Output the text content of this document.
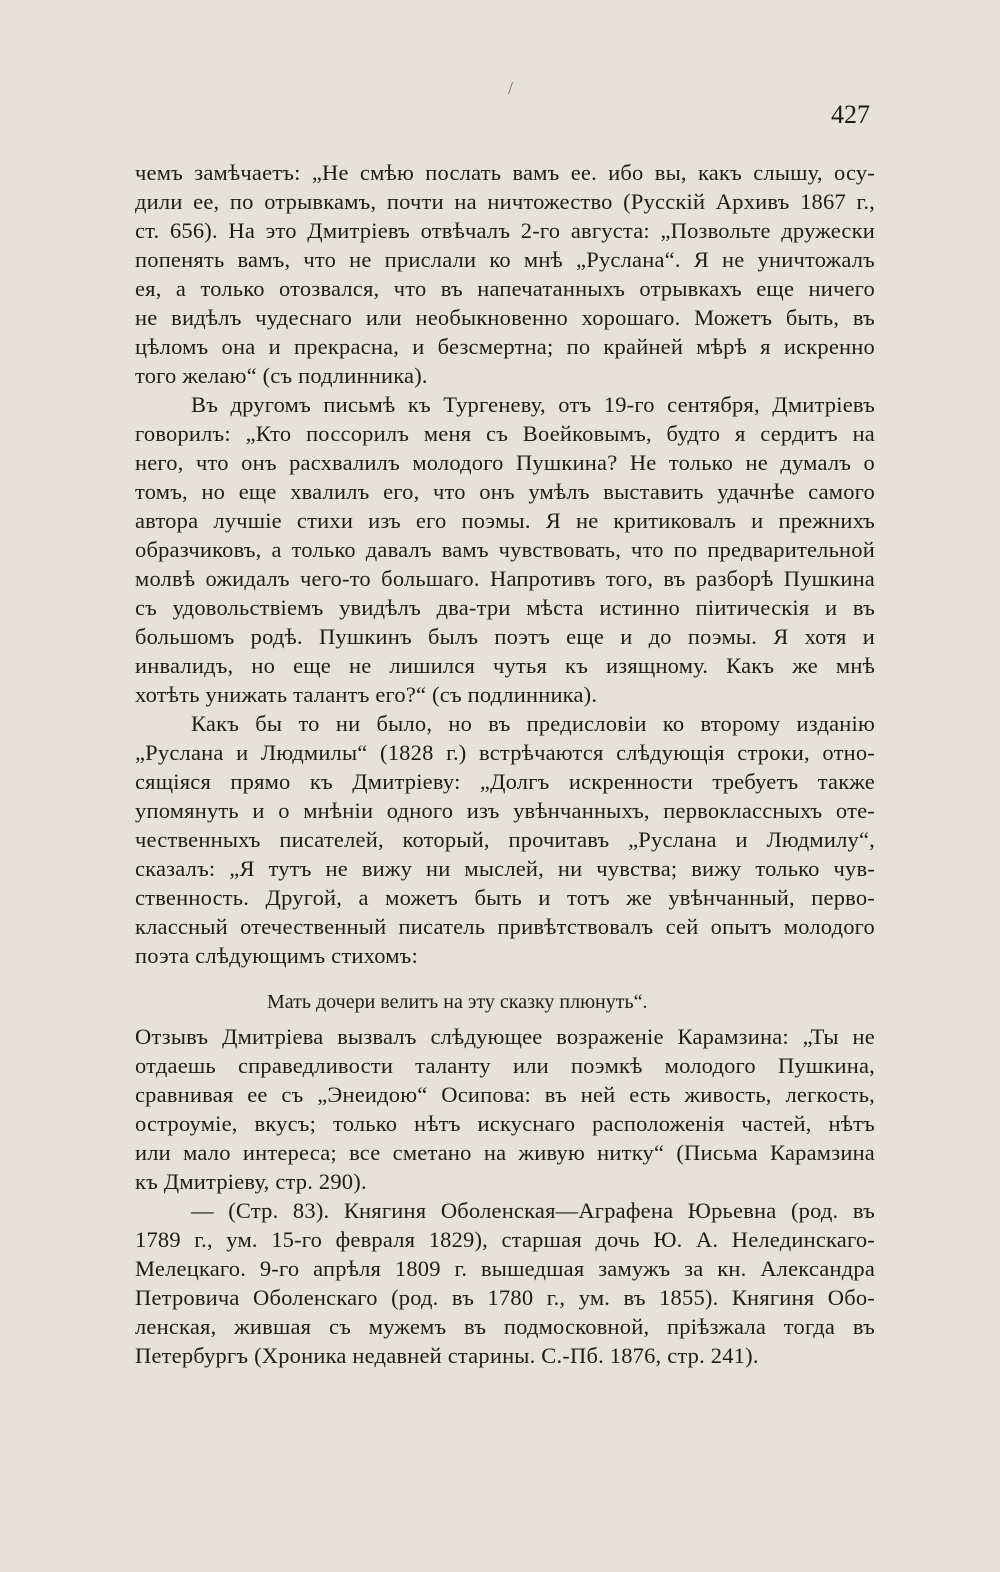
/
427

чемъ замѣчаетъ: „Не смѣю послать вамъ ее. ибо вы, какъ слышу, осу-

дили ее, по отрывкамъ, почти на ничтожество (Русскій Архивъ 1867 г.,

ст. 656). На это Дмитріевъ отвѣчалъ 2-го августа: „Позвольте дружески

попенять вамъ, что не прислали ко мнѣ „Руслана“. Я не уничтожалъ

ея, а только отозвался, что въ напечатанныхъ отрывкахъ еще ничего

не видѣлъ чудеснаго или необыкновенно хорошаго. Можетъ быть, въ

цѣломъ она и прекрасна, и безсмертна; по крайней мѣрѣ я искренно

того желаю“ (съ подлинника).

Въ другомъ письмѣ къ Тургеневу, отъ 19-го сентября, Дмитріевъ

говорилъ: „Кто поссорилъ меня съ Воейковымъ, будто я сердитъ на

него, что онъ расхвалилъ молодого Пушкина? Не только не думалъ о

томъ, но еще хвалилъ его, что онъ умѣлъ выставить удачнѣе самого

автора лучшіе стихи изъ его поэмы. Я не критиковалъ и прежнихъ

образчиковъ, а только давалъ вамъ чувствовать, что по предварительной

молвѣ ожидалъ чего-то большаго. Напротивъ того, въ разборѣ Пушкина

съ удовольствіемъ увидѣлъ два-три мѣста истинно піитическія и въ

большомъ родѣ. Пушкинъ былъ поэтъ еще и до поэмы. Я хотя и

инвалидъ, но еще не лишился чутья къ изящному. Какъ же мнѣ

хотѣть унижать талантъ его?“ (съ подлинника).

Какъ бы то ни было, но въ предисловіи ко второму изданію

„Руслана и Людмилы“ (1828 г.) встрѣчаются слѣдующія строки, отно-

сящіяся прямо къ Дмитріеву: „Долгъ искренности требуетъ также

упомянуть и о мнѣніи одного изъ увѣнчанныхъ, первоклассныхъ оте-

чественныхъ писателей, который, прочитавъ „Руслана и Людмилу“,

сказалъ: „Я тутъ не вижу ни мыслей, ни чувства; вижу только чув-

ственность. Другой, а можетъ быть и тотъ же увѣнчанный, перво-

классный отечественный писатель привѣтствовалъ сей опытъ молодого

поэта слѣдующимъ стихомъ:

Мать дочери велитъ на эту сказку плюнуть“.

Отзывъ Дмитріева вызвалъ слѣдующее возраженіе Карамзина: „Ты не

отдаешь справедливости таланту или поэмкѣ молодого Пушкина,

сравнивая ее съ „Энеидою“ Осипова: въ ней есть живость, легкость,

остроуміе, вкусъ; только нѣтъ искуснаго расположенія частей, нѣтъ

или мало интереса; все сметано на живую нитку“ (Письма Карамзина

къ Дмитріеву, стр. 290).

— (Стр. 83). Княгиня Оболенская—Аграфена Юрьевна (род. въ

1789 г., ум. 15-го февраля 1829), старшая дочь Ю. А. Нелединскаго-

Мелецкаго. 9-го апрѣля 1809 г. вышедшая замужъ за кн. Александра

Петровича Оболенскаго (род. въ 1780 г., ум. въ 1855). Княгиня Обо-

ленская, жившая съ мужемъ въ подмосковной, пріѣзжала тогда въ

Петербургъ (Хроника недавней старины. С.-Пб. 1876, стр. 241).
